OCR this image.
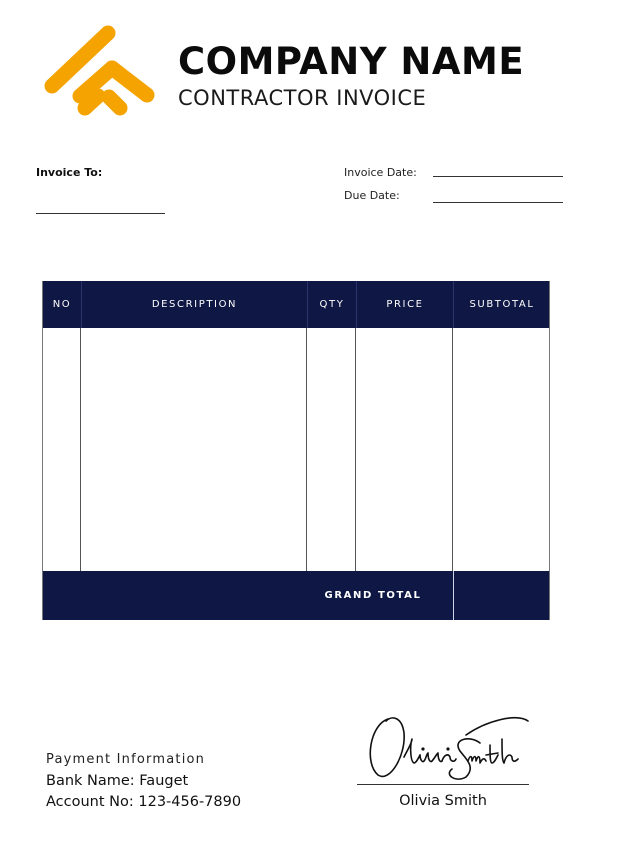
COMPANY NAME
CONTRACTOR INVOICE
Invoice To:	Invoice Date:
Due Date:
NO	DESCRIPTION	QTY	PRICE	SUBTOTAL
GRAND TOTAL
Payment Information
Bank Name: Fauget
Account No: 123-456-7890	Olivia Smith
